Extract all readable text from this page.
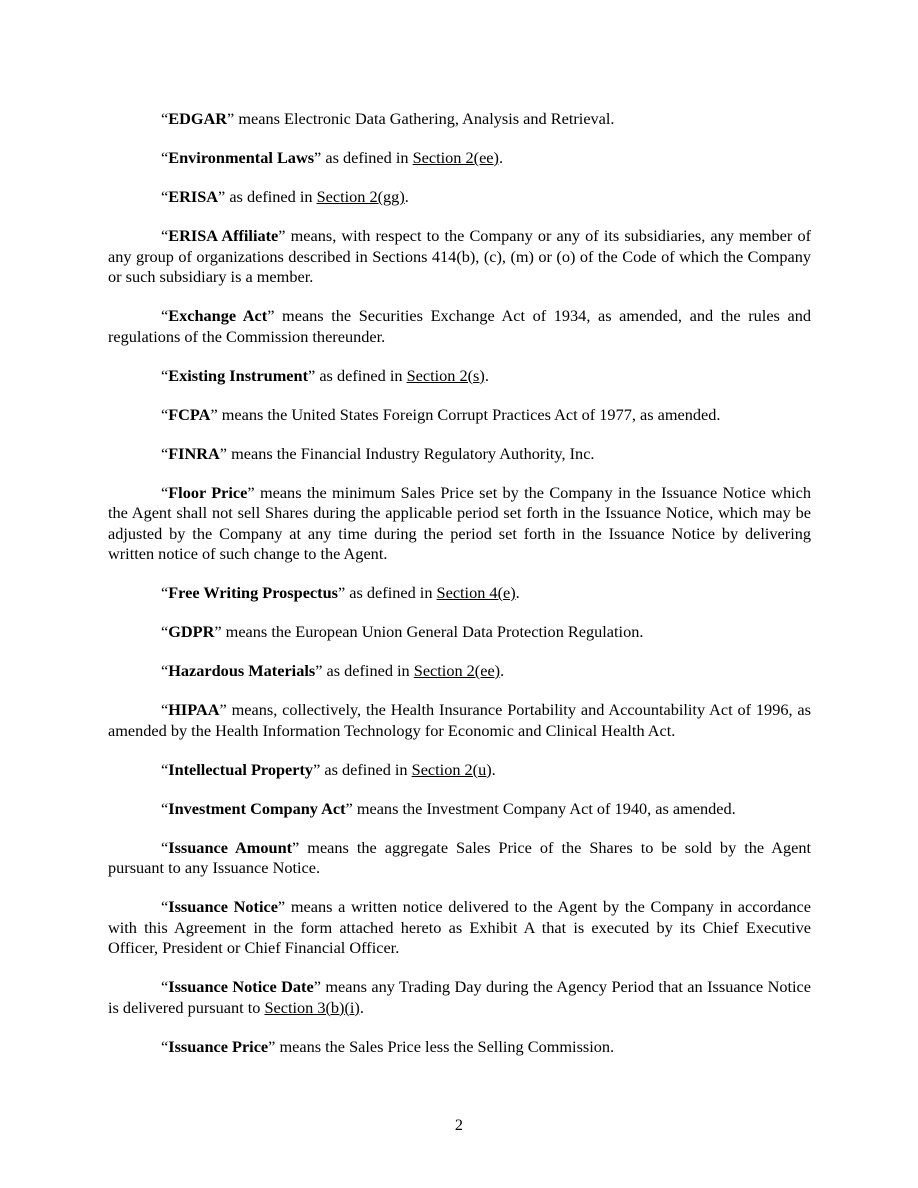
“EDGAR” means Electronic Data Gathering, Analysis and Retrieval.

“Environmental Laws” as defined in Section 2(ee).

“ERISA” as defined in Section 2(gg).

“ERISA Affiliate” means, with respect to the Company or any of its subsidiaries, any member of any group of organizations described in Sections 414(b), (c), (m) or (o) of the Code of which the Company or such subsidiary is a member.

“Exchange Act” means the Securities Exchange Act of 1934, as amended, and the rules and regulations of the Commission thereunder.

“Existing Instrument” as defined in Section 2(s).

“FCPA” means the United States Foreign Corrupt Practices Act of 1977, as amended.

“FINRA” means the Financial Industry Regulatory Authority, Inc.

“Floor Price” means the minimum Sales Price set by the Company in the Issuance Notice which the Agent shall not sell Shares during the applicable period set forth in the Issuance Notice, which may be adjusted by the Company at any time during the period set forth in the Issuance Notice by delivering written notice of such change to the Agent.

“Free Writing Prospectus” as defined in Section 4(e).

“GDPR” means the European Union General Data Protection Regulation.

“Hazardous Materials” as defined in Section 2(ee).

“HIPAA” means, collectively, the Health Insurance Portability and Accountability Act of 1996, as amended by the Health Information Technology for Economic and Clinical Health Act.

“Intellectual Property” as defined in Section 2(u).

“Investment Company Act” means the Investment Company Act of 1940, as amended.

“Issuance Amount” means the aggregate Sales Price of the Shares to be sold by the Agent pursuant to any Issuance Notice.

“Issuance Notice” means a written notice delivered to the Agent by the Company in accordance with this Agreement in the form attached hereto as Exhibit A that is executed by its Chief Executive Officer, President or Chief Financial Officer.

“Issuance Notice Date” means any Trading Day during the Agency Period that an Issuance Notice is delivered pursuant to Section 3(b)(i).

“Issuance Price” means the Sales Price less the Selling Commission.

2
